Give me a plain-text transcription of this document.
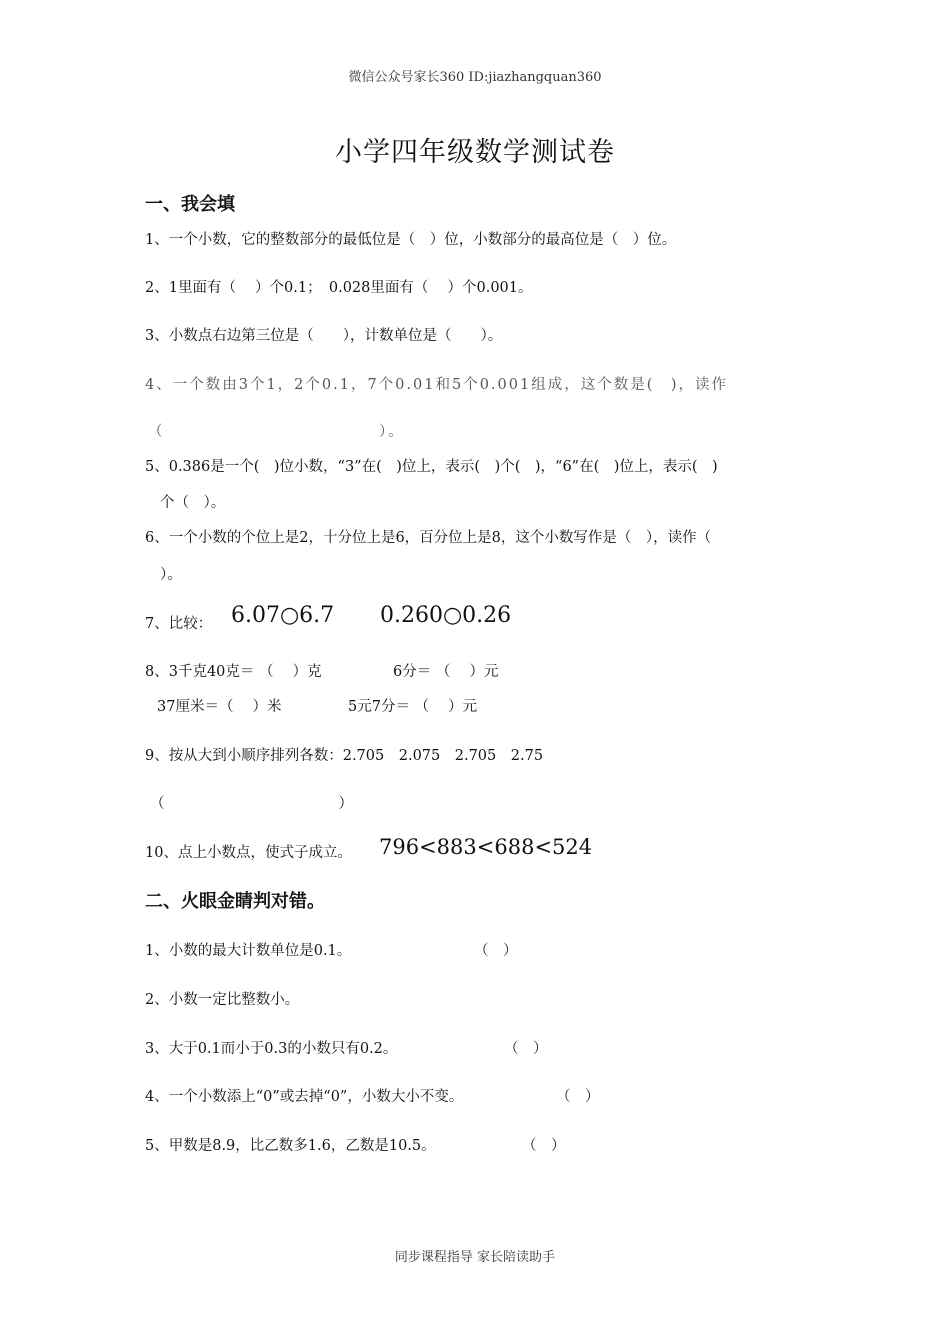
微信公众号家长360 ID:jiazhangquan360
小学四年级数学测试卷
一、我会填
1、一个小数，它的整数部分的最低位是（　）位，小数部分的最高位是（　）位。
2、1里面有（　 ）个0.1；　0.028里面有（　 ）个0.001。
3、小数点右边第三位是（　　），计数单位是（　　）。
4、一个数由3个1，2个0.1，7个0.01和5个0.001组成，这个数是(　)，读作
（　　　　　　　　　　　　　）。
5、0.386是一个(　)位小数，“3”在(　)位上，表示(　)个(　)，“6”在(　)位上，表示(　)
个（　）。
6、一个小数的个位上是2，十分位上是6，百分位上是8，这个小数写作是（　），读作（
）。
7、比较： 6.07○6.7 0.260○0.26
8、3千克40克＝ （　 ）克	6分＝ （　 ）元
37厘米＝（　 ）米	5元7分＝ （　 ）元
9、按从大到小顺序排列各数：2.705　2.075　2.705　2.75
（　　　　　　　　　　　　）
10、点上小数点，使式子成立。 796<883<688<524
二、火眼金睛判对错。
1、小数的最大计数单位是0.1。	（　）
2、小数一定比整数小。
3、大于0.1而小于0.3的小数只有0.2。	（　）
4、一个小数添上“0”或去掉“0”，小数大小不变。	（　）
5、甲数是8.9，比乙数多1.6，乙数是10.5。	（　）
同步课程指导 家长陪读助手
